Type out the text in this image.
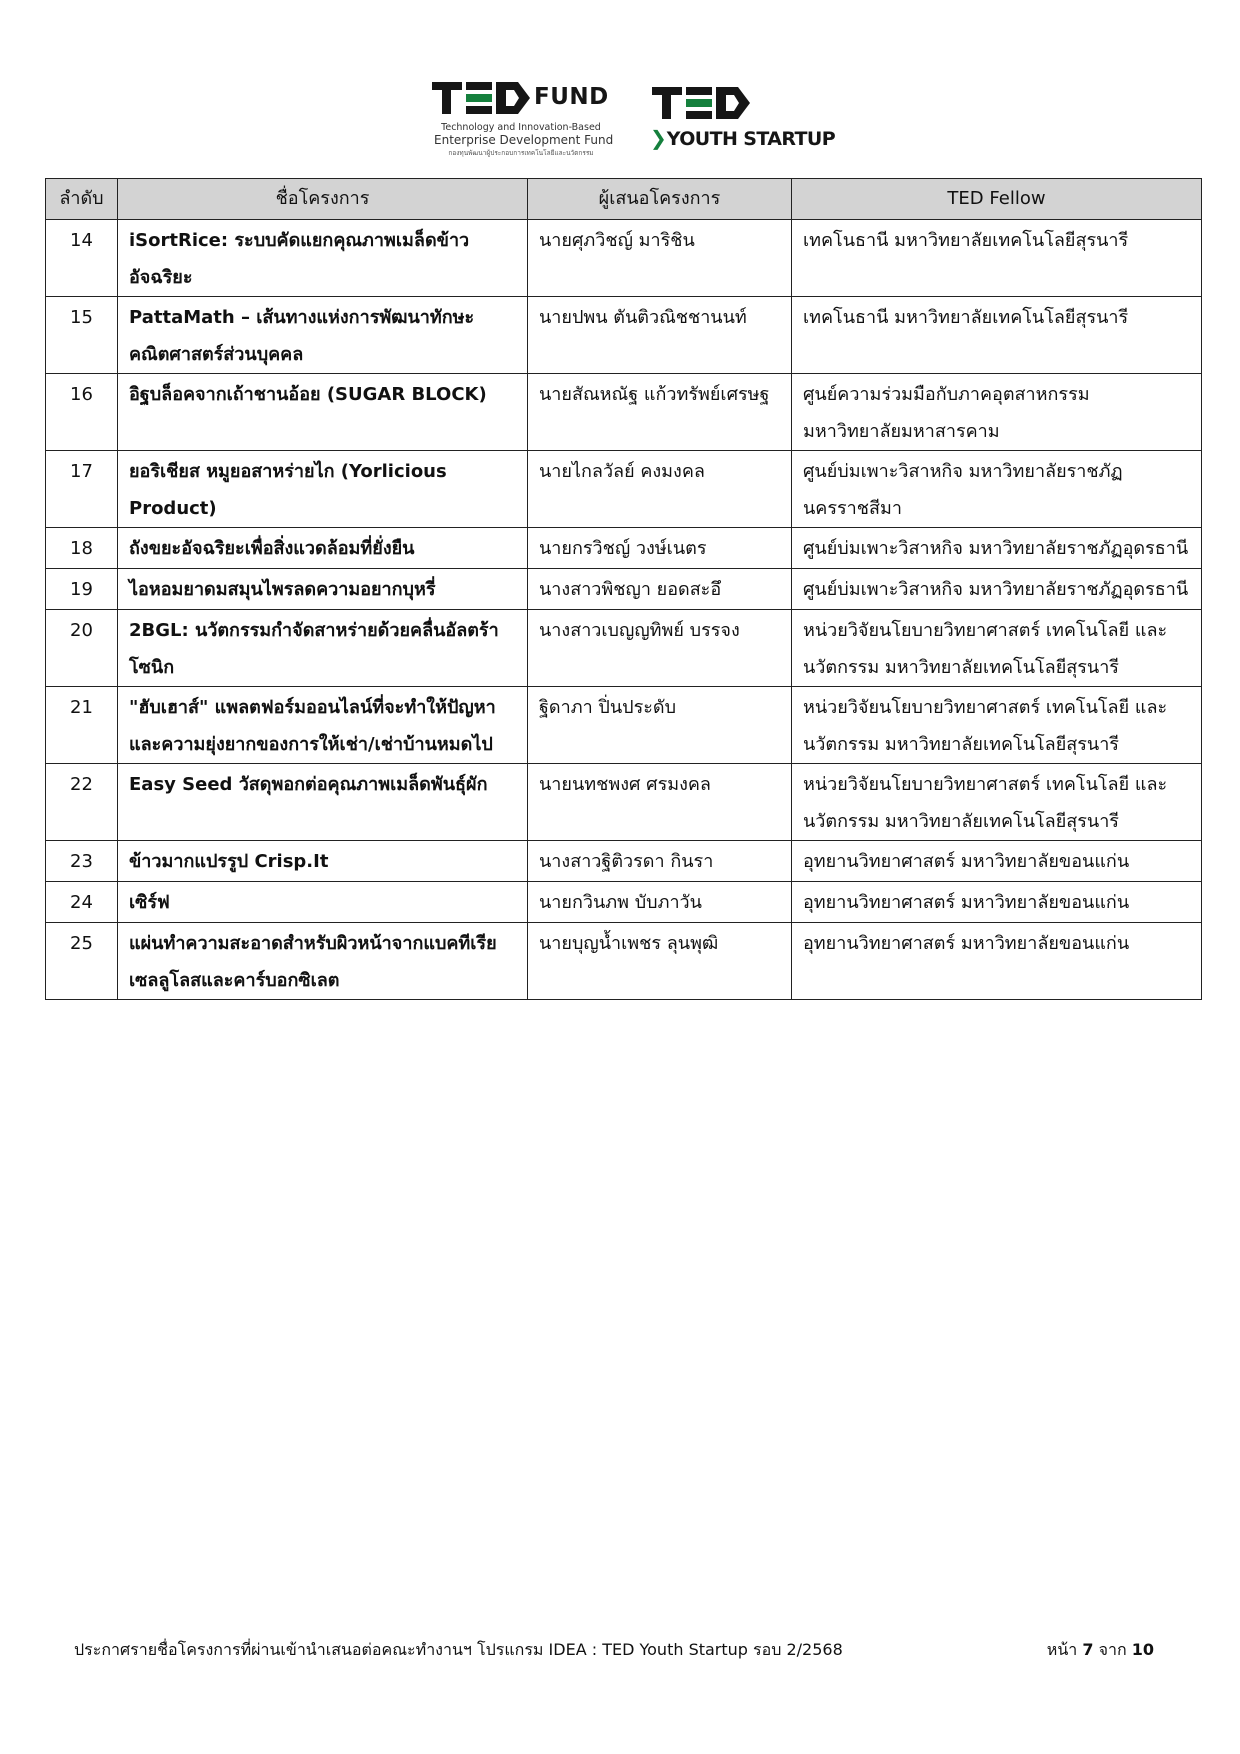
FUND
Technology and Innovation-Based
Enterprise Development Fund
กองทุนพัฒนาผู้ประกอบการเทคโนโลยีและนวัตกรรม
❯YOUTH STARTUP
ลำดับ	ชื่อโครงการ	ผู้เสนอโครงการ	TED Fellow
14	iSortRice: ระบบคัดแยกคุณภาพเมล็ดข้าวอัจฉริยะ	นายศุภวิชญ์ มาริชิน	เทคโนธานี มหาวิทยาลัยเทคโนโลยีสุรนารี
15	PattaMath – เส้นทางแห่งการพัฒนาทักษะคณิตศาสตร์ส่วนบุคคล	นายปพน ตันติวณิชชานนท์	เทคโนธานี มหาวิทยาลัยเทคโนโลยีสุรนารี
16	อิฐบล็อคจากเถ้าชานอ้อย (SUGAR BLOCK)	นายสัณหณัฐ แก้วทรัพย์เศรษฐ	ศูนย์ความร่วมมือกับภาคอุตสาหกรรม มหาวิทยาลัยมหาสารคาม
17	ยอริเชียส หมูยอสาหร่ายไก (Yorlicious Product)	นายไกลวัลย์ คงมงคล	ศูนย์บ่มเพาะวิสาหกิจ มหาวิทยาลัยราชภัฏนครราชสีมา
18	ถังขยะอัจฉริยะเพื่อสิ่งแวดล้อมที่ยั่งยืน	นายกรวิชญ์ วงษ์เนตร	ศูนย์บ่มเพาะวิสาหกิจ มหาวิทยาลัยราชภัฏอุดรธานี
19	ไอหอมยาดมสมุนไพรลดความอยากบุหรี่	นางสาวพิชญา ยอดสะอึ	ศูนย์บ่มเพาะวิสาหกิจ มหาวิทยาลัยราชภัฏอุดรธานี
20	2BGL: นวัตกรรมกำจัดสาหร่ายด้วยคลื่นอัลตร้าโซนิก	นางสาวเบญญทิพย์ บรรจง	หน่วยวิจัยนโยบายวิทยาศาสตร์ เทคโนโลยี และนวัตกรรม มหาวิทยาลัยเทคโนโลยีสุรนารี
21	"ฮับเฮาส์" แพลตฟอร์มออนไลน์ที่จะทำให้ปัญหาและความยุ่งยากของการให้เช่า/เช่าบ้านหมดไป	ฐิดาภา ปิ่นประดับ	หน่วยวิจัยนโยบายวิทยาศาสตร์ เทคโนโลยี และนวัตกรรม มหาวิทยาลัยเทคโนโลยีสุรนารี
22	Easy Seed วัสดุพอกต่อคุณภาพเมล็ดพันธุ์ผัก	นายนทชพงศ ศรมงคล	หน่วยวิจัยนโยบายวิทยาศาสตร์ เทคโนโลยี และนวัตกรรม มหาวิทยาลัยเทคโนโลยีสุรนารี
23	ข้าวมากแปรรูป Crisp.It	นางสาวฐิติวรดา กินรา	อุทยานวิทยาศาสตร์ มหาวิทยาลัยขอนแก่น
24	เซิร์ฟ	นายกวินภพ บับภาวัน	อุทยานวิทยาศาสตร์ มหาวิทยาลัยขอนแก่น
25	แผ่นทำความสะอาดสำหรับผิวหน้าจากแบคทีเรียเซลลูโลสและคาร์บอกซิเลต	นายบุญน้ำเพชร ลุนพุฒิ	อุทยานวิทยาศาสตร์ มหาวิทยาลัยขอนแก่น
ประกาศรายชื่อโครงการที่ผ่านเข้านำเสนอต่อคณะทำงานฯ โปรแกรม IDEA : TED Youth Startup รอบ 2/2568	หน้า 7 จาก 10
